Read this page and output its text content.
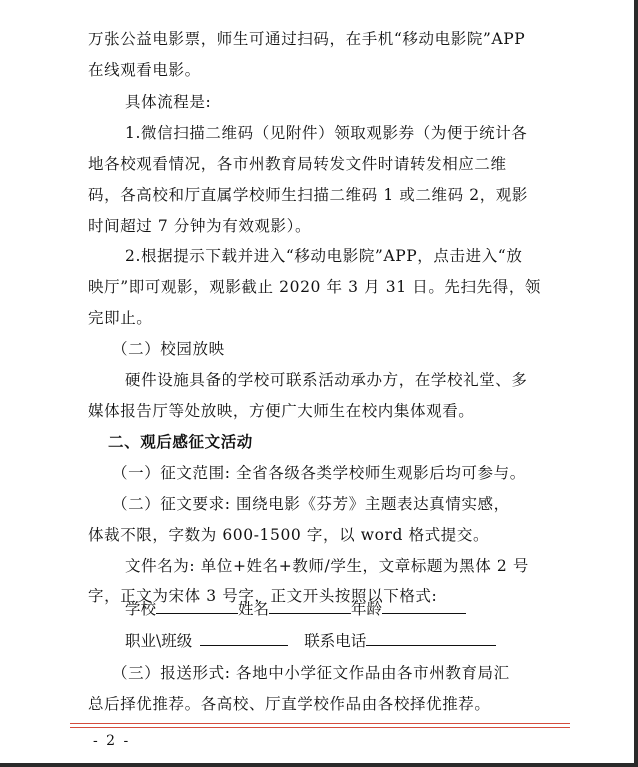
万张公益电影票，师生可通过扫码，在手机“移动电影院”APP
在线观看电影。
具体流程是:
1.微信扫描二维码（见附件）领取观影券（为便于统计各
地各校观看情况，各市州教育局转发文件时请转发相应二维
码，各高校和厅直属学校师生扫描二维码 1 或二维码 2，观影
时间超过 7 分钟为有效观影）。
2.根据提示下载并进入“移动电影院”APP，点击进入“放
映厅”即可观影，观影截止 2020 年 3 月 31 日。先扫先得，领
完即止。
（二）校园放映
硬件设施具备的学校可联系活动承办方，在学校礼堂、多
媒体报告厅等处放映，方便广大师生在校内集体观看。
二、观后感征文活动
（一）征文范围: 全省各级各类学校师生观影后均可参与。
（二）征文要求: 围绕电影《芬芳》主题表达真情实感，
体裁不限，字数为 600-1500 字，以 word 格式提交。
文件名为: 单位+姓名+教师/学生，文章标题为黑体 2 号
字，正文为宋体 3 号字，正文开头按照以下格式:
学校	姓名	年龄
职业\班级	联系电话
（三）报送形式: 各地中小学征文作品由各市州教育局汇
总后择优推荐。各高校、厅直学校作品由各校择优推荐。
- 2 -
